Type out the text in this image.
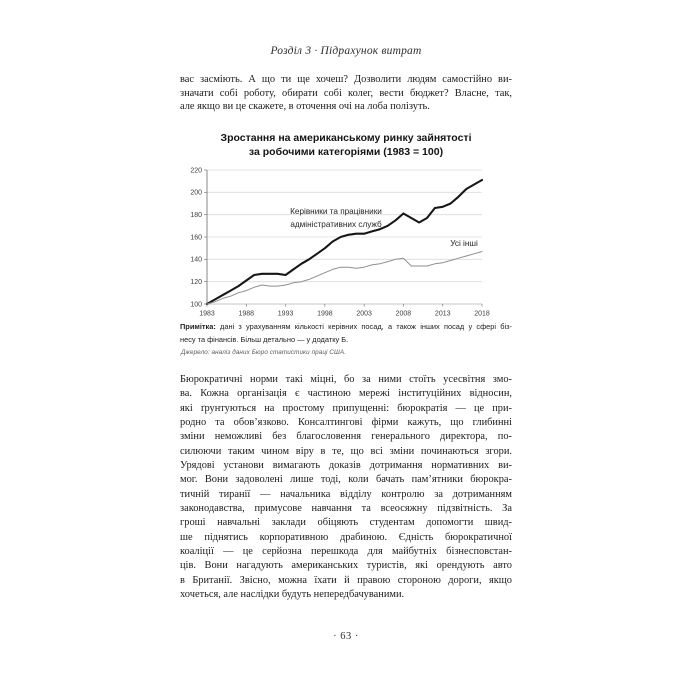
Розділ 3 · Підрахунок витрат
вас засміють. А що ти ще хочеш? Дозволити людям самостійно ви-
значати собі роботу, обирати собі колег, вести бюджет? Власне, так,
але якщо ви це скажете, в оточення очі на лоба полізуть.
Зростання на американському ринку зайнятості
за робочими категоріями (1983 = 100)
100
120
140
160
180
200
220
1983	1988	1993	1998	2003	2008	2013	2018
Керівники та працівники
адміністративних служб
Усі інші
Примітка: дані з урахуванням кількості керівних посад, а також інших посад у сфері біз-
несу та фінансів. Більш детально — у додатку Б.
Джерело: аналіз даних Бюро статистики праці США.
Бюрократичні норми такі міцні, бо за ними стоїть усесвітня змо-
ва. Кожна організація є частиною мережі інституційних відносин,
які ґрунтуються на простому припущенні: бюрократія — це при-
родно та обов’язково. Консалтингові фірми кажуть, що глибинні
зміни неможливі без благословення генерального директора, по-
силюючи таким чином віру в те, що всі зміни починаються згори.
Урядові установи вимагають доказів дотримання нормативних ви-
мог. Вони задоволені лише тоді, коли бачать пам’ятники бюрокра-
тичній тиранії — начальника відділу контролю за дотриманням
законодавства, примусове навчання та всеосяжну підзвітність. За
гроші навчальні заклади обіцяють студентам допомогти швид-
ше піднятись корпоративною драбиною. Єдність бюрократичної
коаліції — це серйозна перешкода для майбутніх бізнесповстан-
ців. Вони нагадують американських туристів, які орендують авто
в Британії. Звісно, можна їхати й правою стороною дороги, якщо
хочеться, але наслідки будуть непередбачуваними.
· 63 ·
